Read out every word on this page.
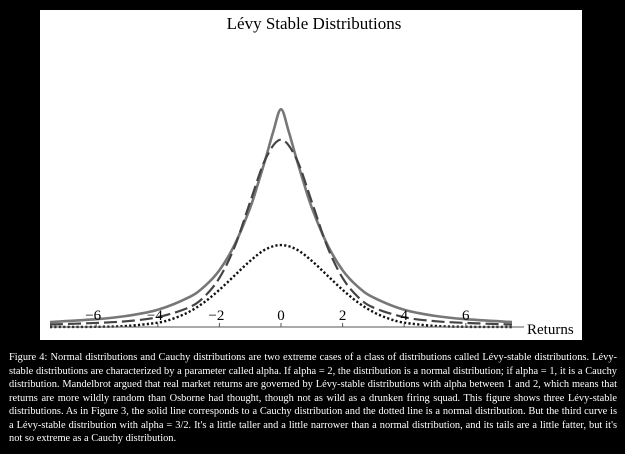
Lévy Stable Distributions
−6	−4	−2	0	2	4	6
Returns
Figure 4: Normal distributions and Cauchy distributions are two extreme cases of a class of distributions called Lévy-stable distributions. Lévy-stable distributions are characterized by a parameter called alpha. If alpha = 2, the distribution is a normal distribution; if alpha = 1, it is a Cauchy distribution. Mandelbrot argued that real market returns are governed by Lévy-stable distributions with alpha between 1 and 2, which means that returns are more wildly random than Osborne had thought, though not as wild as a drunken firing squad. This figure shows three Lévy-stable distributions. As in Figure 3, the solid line corresponds to a Cauchy distribution and the dotted line is a normal distribution. But the third curve is a Lévy-stable distribution with alpha = 3/2. It's a little taller and a little narrower than a normal distribution, and its tails are a little fatter, but it's not so extreme as a Cauchy distribution.
